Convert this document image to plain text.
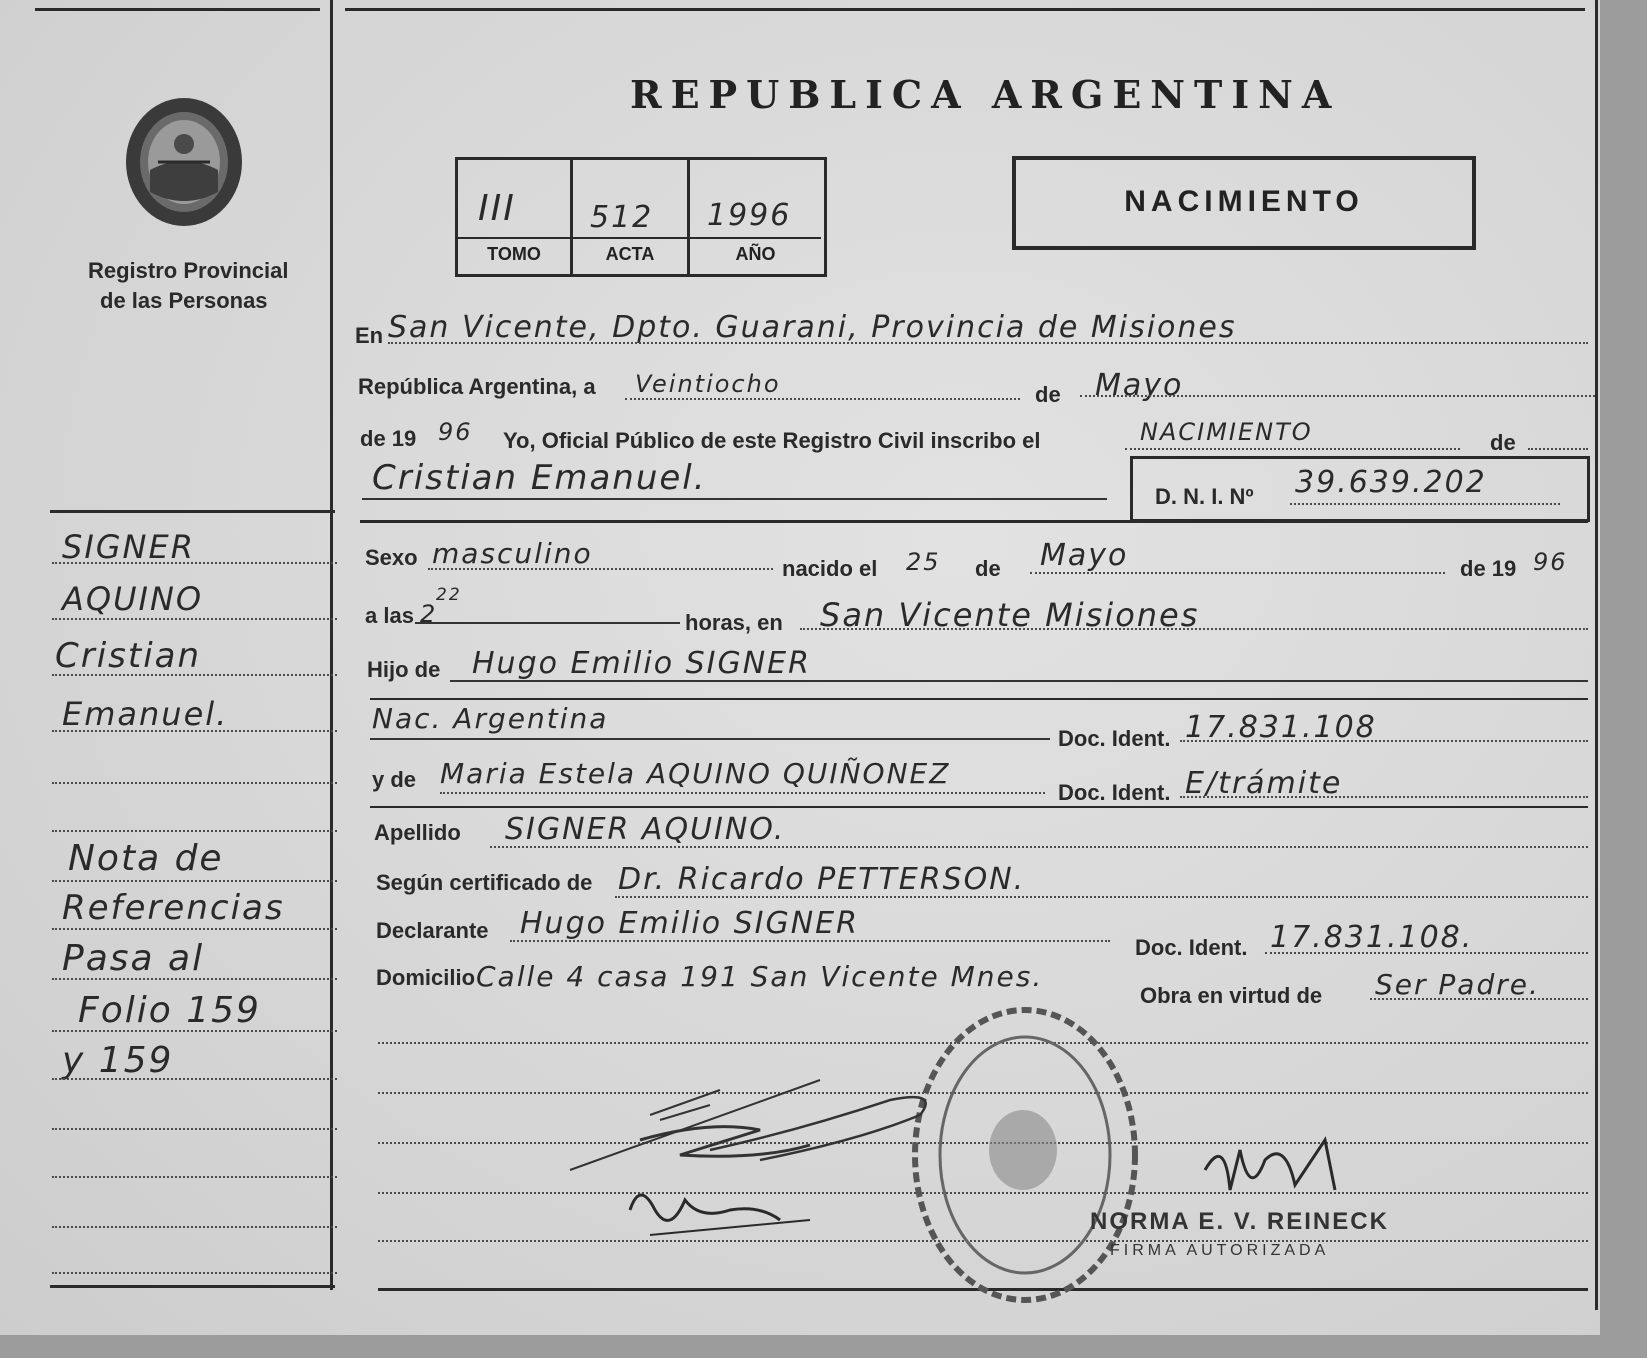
Registro Provincial
de las Personas
REPUBLICA ARGENTINA
III 512 1996
TOMO	ACTA	AÑO
NACIMIENTO
En San Vicente, Dpto. Guarani, Provincia de Misiones
República Argentina, a Veintiocho	de Mayo
de 19 96 Yo, Oficial Público de este Registro Civil inscribo el	NACIMIENTO	de
Cristian Emanuel.	D. N. I. Nº 39.639.202
Sexo masculino	nacido el 25 de Mayo	de 19 96
a las 2
22
horas, en San Vicente Misiones
Hijo de Hugo Emilio SIGNER
Nac. Argentina
Doc. Ident. 17.831.108
y de Maria Estela AQUINO QUIÑONEZ
Doc. Ident. E/trámite
Apellido SIGNER AQUINO.
Según certificado de Dr. Ricardo PETTERSON.
Declarante Hugo Emilio SIGNER
Doc. Ident. 17.831.108.
Domicilio Calle 4 casa 191 San Vicente Mnes.
Obra en virtud de Ser Padre.
SIGNER
AQUINO
Cristian
Emanuel.
Nota de
Referencias
Pasa al
Folio 159
y 159
NORMA E. V. REINECK
FIRMA AUTORIZADA
